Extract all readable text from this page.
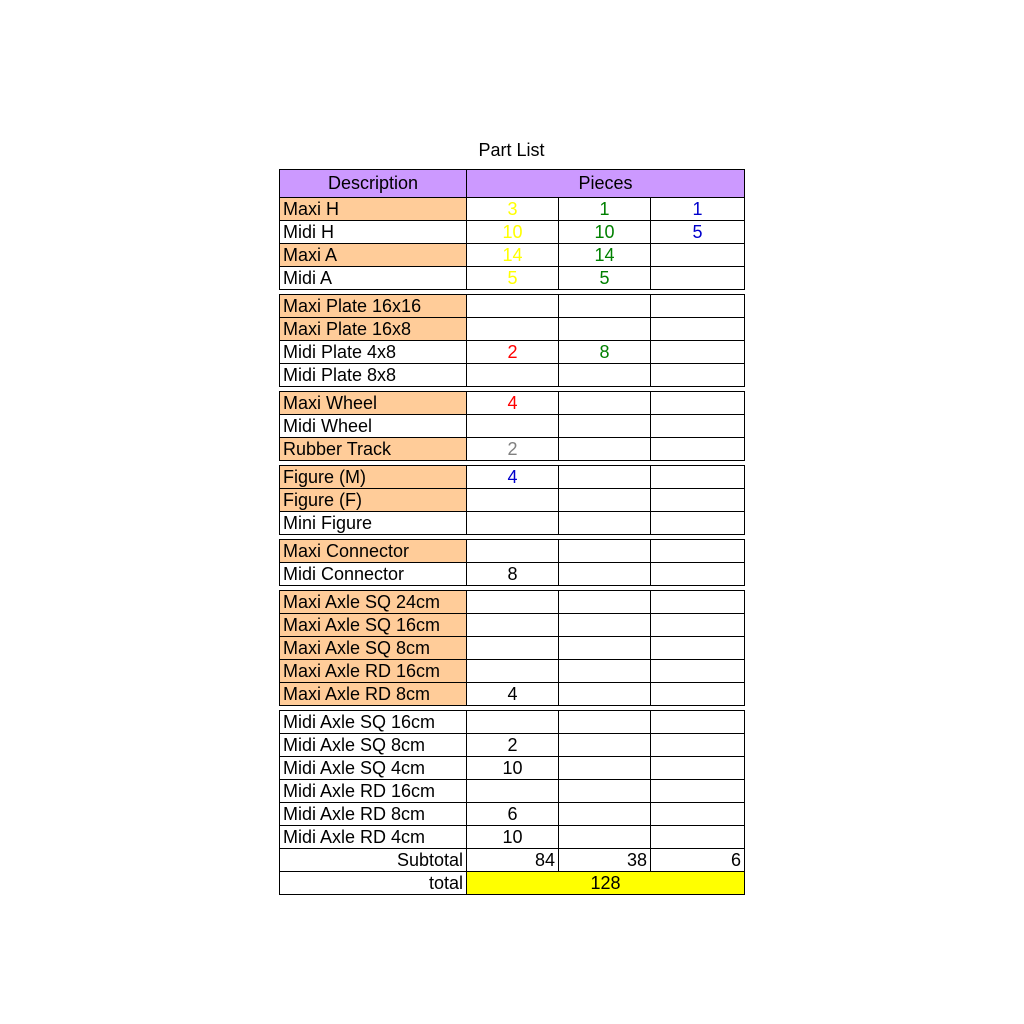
Part List
Description	Pieces
Maxi H	3	1	1
Midi H	10	10	5
Maxi A	14	14
Midi A	5	5
Maxi Plate 16x16
Maxi Plate 16x8
Midi Plate 4x8	2	8
Midi Plate 8x8
Maxi Wheel	4
Midi Wheel
Rubber Track	2
Figure (M)	4
Figure (F)
Mini Figure
Maxi Connector
Midi Connector	8
Maxi Axle SQ 24cm
Maxi Axle SQ 16cm
Maxi Axle SQ 8cm
Maxi Axle RD 16cm
Maxi Axle RD 8cm	4
Midi Axle SQ 16cm
Midi Axle SQ 8cm	2
Midi Axle SQ 4cm	10
Midi Axle RD 16cm
Midi Axle RD 8cm	6
Midi Axle RD 4cm	10
Subtotal	84	38	6
total	128
